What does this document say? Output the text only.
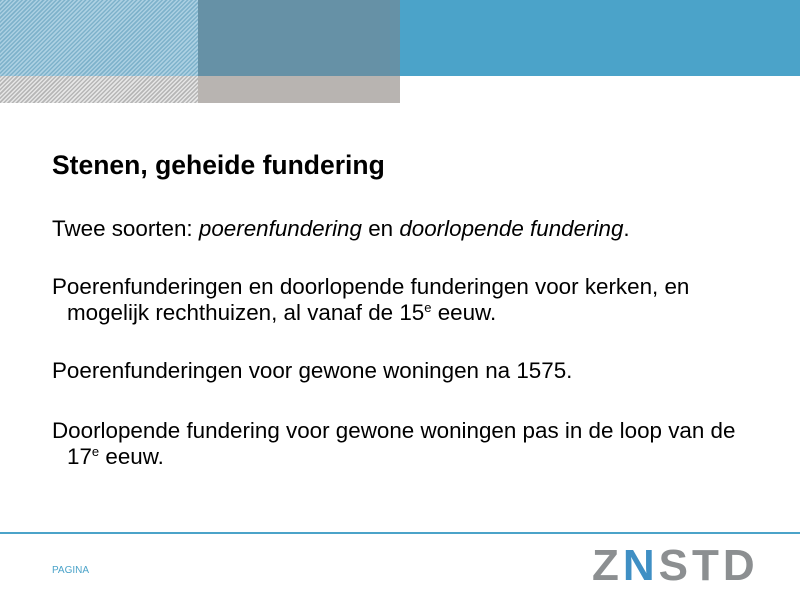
Stenen, geheide fundering

Twee soorten: poerenfundering en doorlopende fundering.

Poerenfunderingen en doorlopende funderingen voor kerken, en

mogelijk rechthuizen, al vanaf de 15e eeuw.

Poerenfunderingen voor gewone woningen na 1575.

Doorlopende fundering voor gewone woningen pas in de loop van de

17e eeuw.

PAGINA	ZNSTD
